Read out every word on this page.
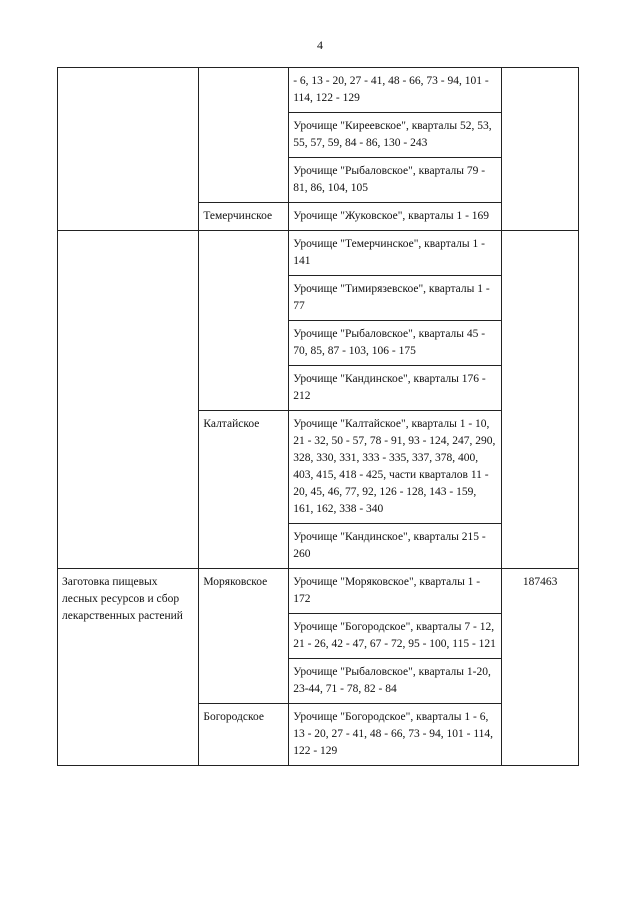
4
		- 6, 13 - 20, 27 - 41, 48 - 66, 73 - 94, 101 - 114, 122 - 129	
		Урочище "Киреевское", кварталы 52, 53, 55, 57, 59, 84 - 86, 130 - 243	
		Урочище "Рыбаловское", кварталы 79 - 81, 86, 104, 105	
	Темерчинское	Урочище "Жуковское", кварталы 1 - 169	
		Урочище "Темерчинское", кварталы 1 - 141	
		Урочище "Тимирязевское", кварталы 1 - 77	
		Урочище "Рыбаловское", кварталы 45 - 70, 85, 87 - 103, 106 - 175	
		Урочище "Кандинское", кварталы 176 - 212	
	Калтайское	Урочище "Калтайское", кварталы 1 - 10, 21 - 32, 50 - 57, 78 - 91, 93 - 124, 247, 290, 328, 330, 331, 333 - 335, 337, 378, 400, 403, 415, 418 - 425, части кварталов 11 - 20, 45, 46, 77, 92, 126 - 128, 143 - 159, 161, 162, 338 - 340	
		Урочище "Кандинское", кварталы 215 - 260	
Заготовка пищевых лесных ресурсов и сбор лекарственных растений	Моряковское	Урочище "Моряковское", кварталы 1 - 172	187463
		Урочище "Богородское", кварталы 7 - 12, 21 - 26, 42 - 47, 67 - 72, 95 - 100, 115 - 121	
		Урочище "Рыбаловское", кварталы 1-20, 23-44, 71 - 78, 82 - 84	
	Богородское	Урочище "Богородское", кварталы 1 - 6, 13 - 20, 27 - 41, 48 - 66, 73 - 94, 101 - 114, 122 - 129	
